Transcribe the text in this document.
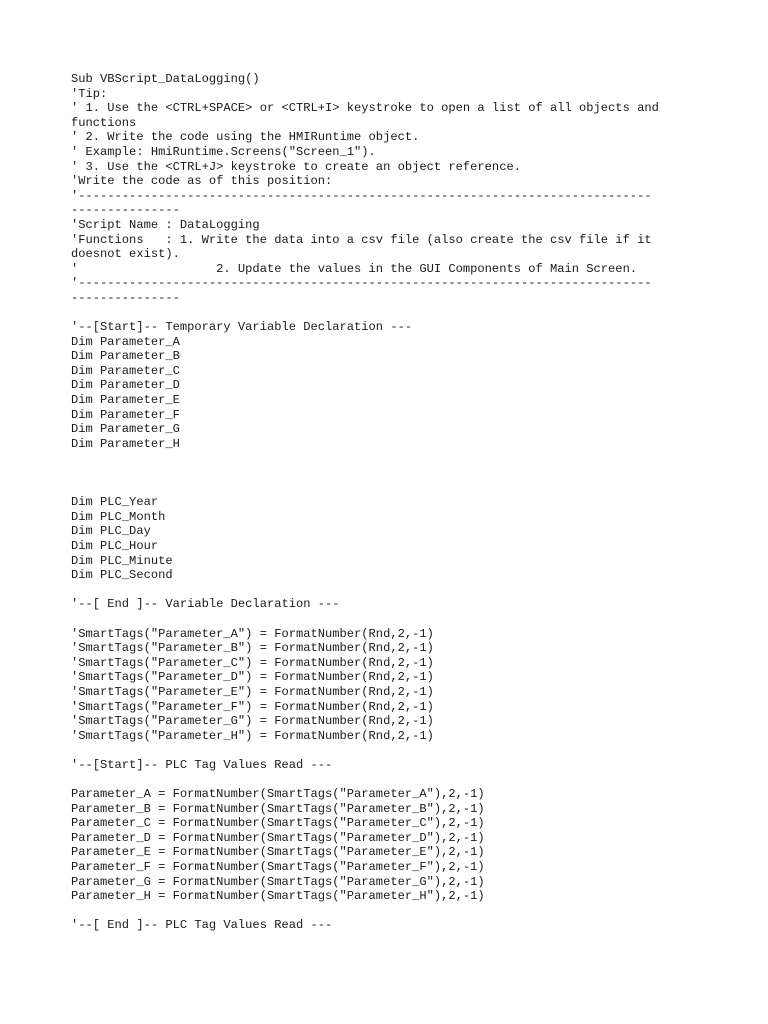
Sub VBScript_DataLogging()
'Tip:
' 1. Use the <CTRL+SPACE> or <CTRL+I> keystroke to open a list of all objects and
functions
' 2. Write the code using the HMIRuntime object.
' Example: HmiRuntime.Screens("Screen_1").
' 3. Use the <CTRL+J> keystroke to create an object reference.
'Write the code as of this position:
'-------------------------------------------------------------------------------
---------------
'Script Name : DataLogging
'Functions   : 1. Write the data into a csv file (also create the csv file if it
doesnot exist).
'                   2. Update the values in the GUI Components of Main Screen.
'-------------------------------------------------------------------------------
---------------
'--[Start]-- Temporary Variable Declaration ---
Dim Parameter_A
Dim Parameter_B
Dim Parameter_C
Dim Parameter_D
Dim Parameter_E
Dim Parameter_F
Dim Parameter_G
Dim Parameter_H
Dim PLC_Year
Dim PLC_Month
Dim PLC_Day
Dim PLC_Hour
Dim PLC_Minute
Dim PLC_Second
'--[ End ]-- Variable Declaration ---
'SmartTags("Parameter_A") = FormatNumber(Rnd,2,-1)
'SmartTags("Parameter_B") = FormatNumber(Rnd,2,-1)
'SmartTags("Parameter_C") = FormatNumber(Rnd,2,-1)
'SmartTags("Parameter_D") = FormatNumber(Rnd,2,-1)
'SmartTags("Parameter_E") = FormatNumber(Rnd,2,-1)
'SmartTags("Parameter_F") = FormatNumber(Rnd,2,-1)
'SmartTags("Parameter_G") = FormatNumber(Rnd,2,-1)
'SmartTags("Parameter_H") = FormatNumber(Rnd,2,-1)
'--[Start]-- PLC Tag Values Read ---
Parameter_A = FormatNumber(SmartTags("Parameter_A"),2,-1)
Parameter_B = FormatNumber(SmartTags("Parameter_B"),2,-1)
Parameter_C = FormatNumber(SmartTags("Parameter_C"),2,-1)
Parameter_D = FormatNumber(SmartTags("Parameter_D"),2,-1)
Parameter_E = FormatNumber(SmartTags("Parameter_E"),2,-1)
Parameter_F = FormatNumber(SmartTags("Parameter_F"),2,-1)
Parameter_G = FormatNumber(SmartTags("Parameter_G"),2,-1)
Parameter_H = FormatNumber(SmartTags("Parameter_H"),2,-1)
'--[ End ]-- PLC Tag Values Read ---
